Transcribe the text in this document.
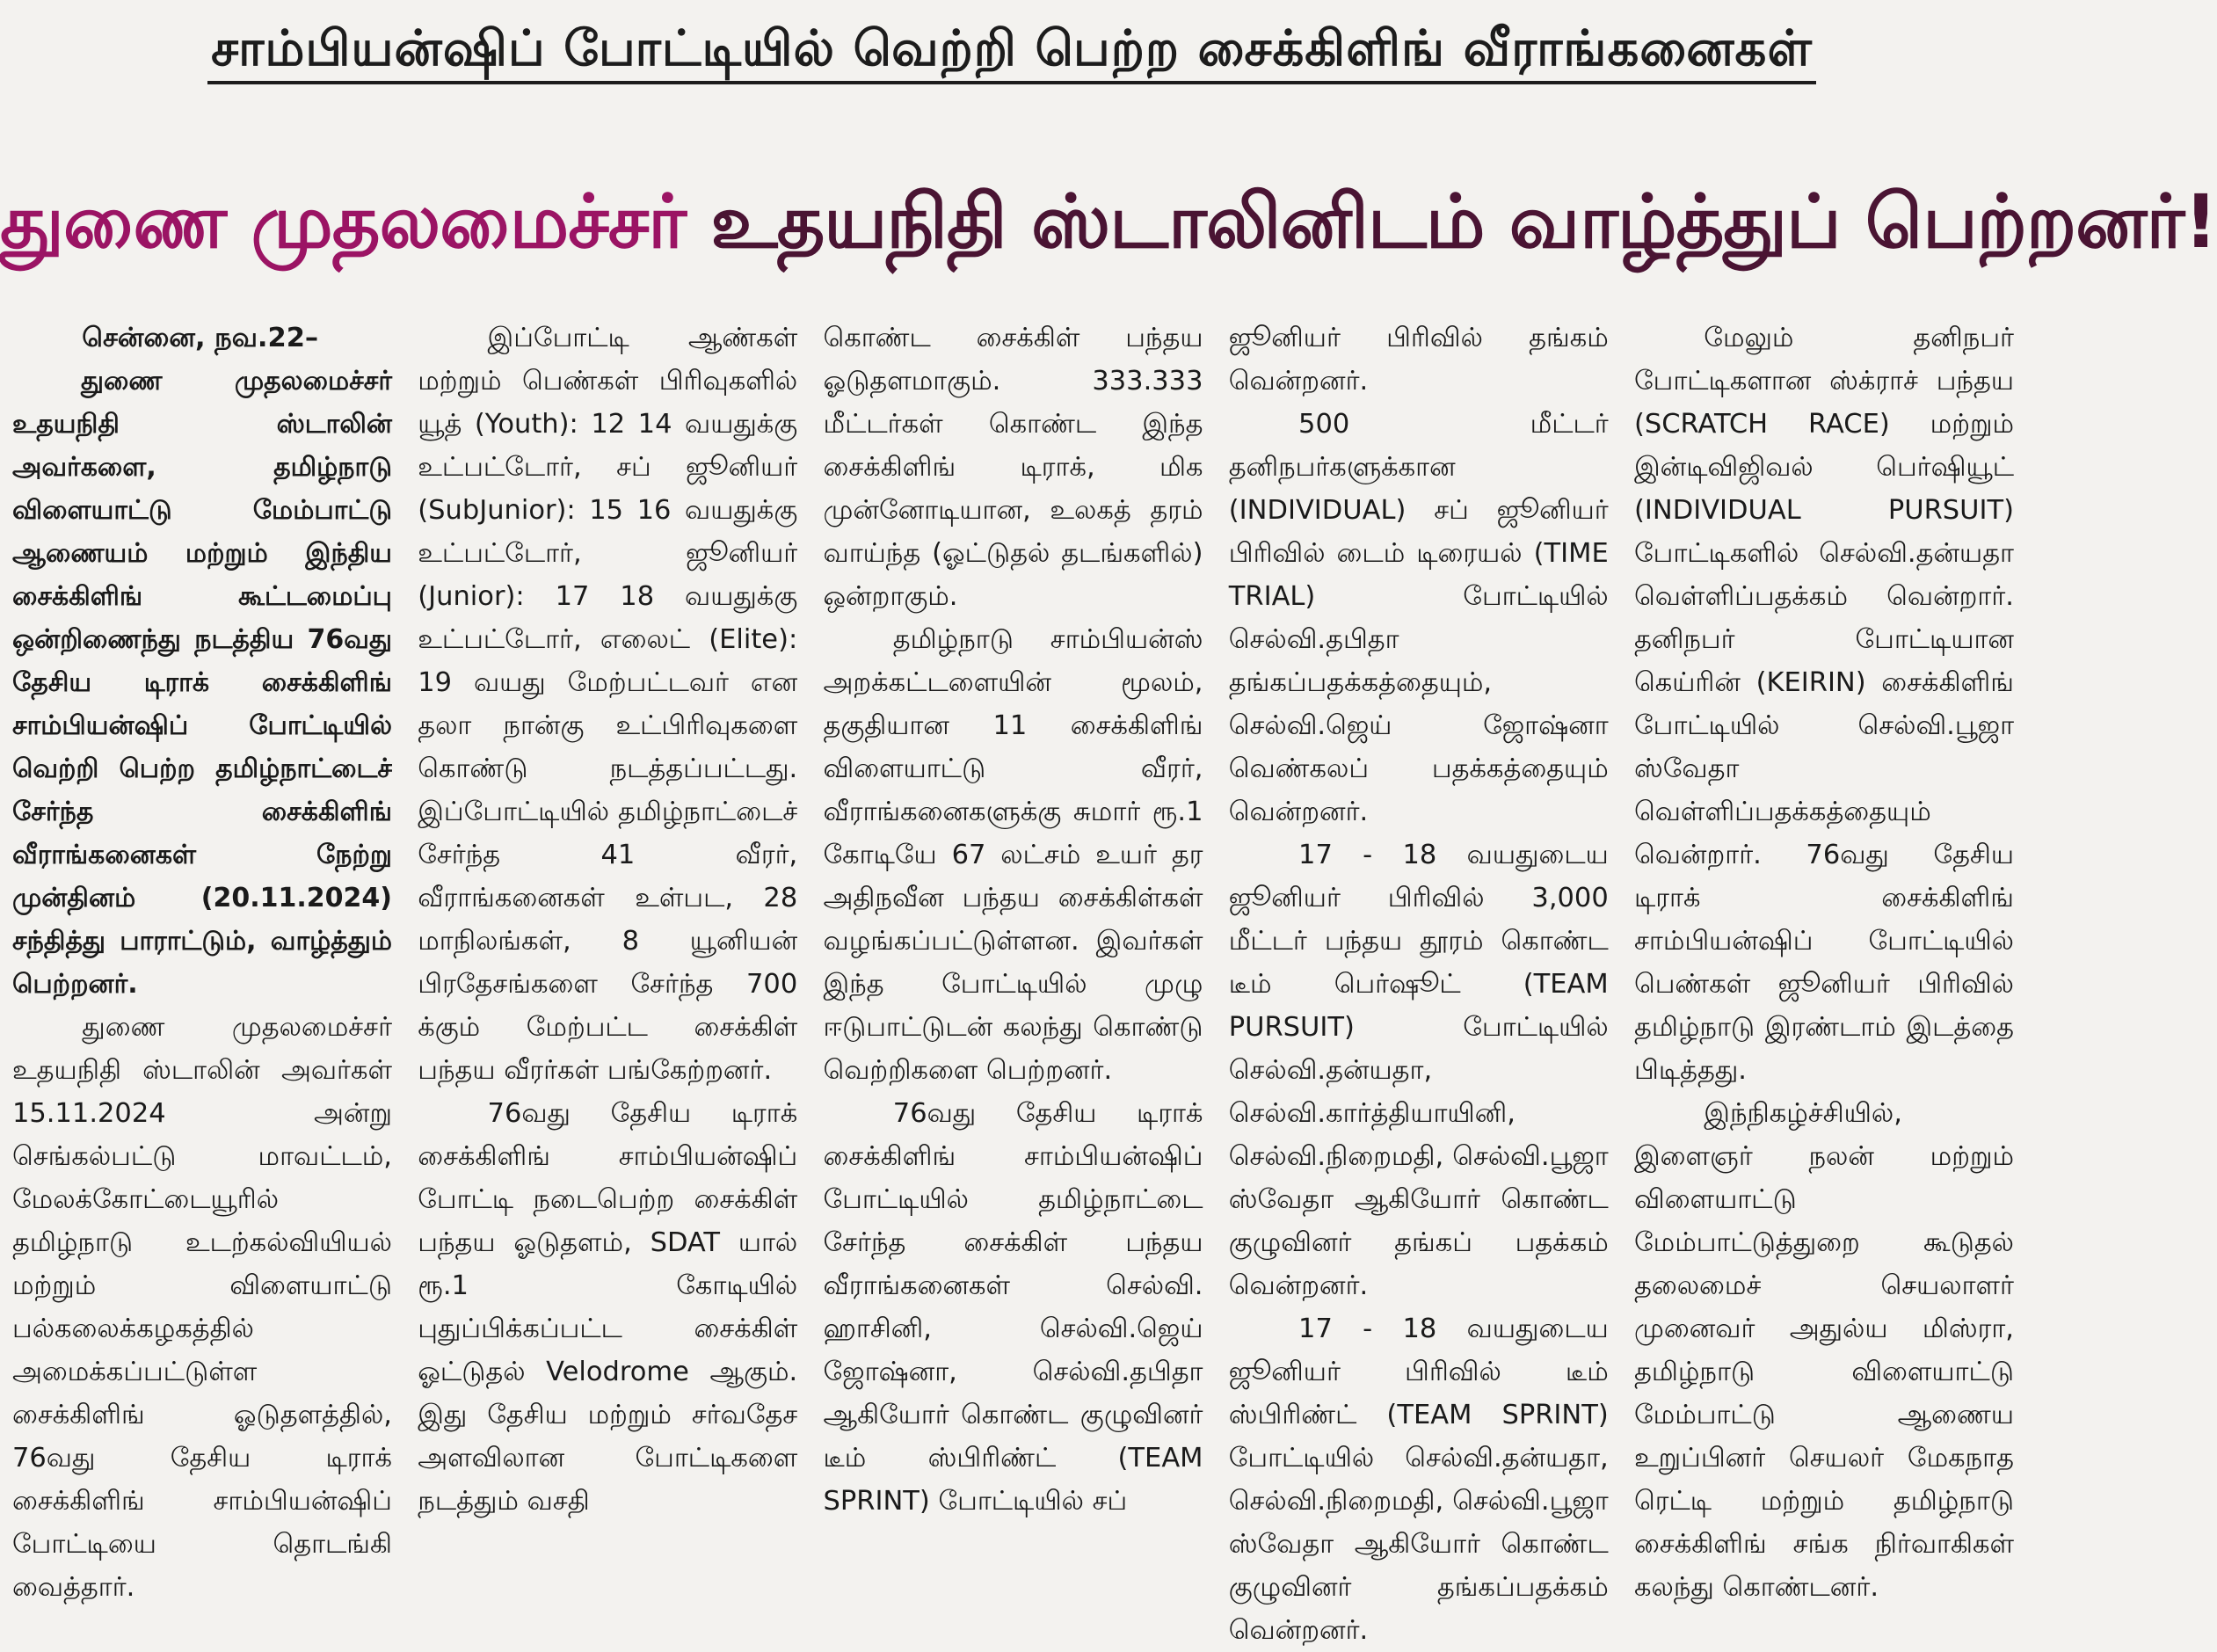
சாம்பியன்ஷிப் போட்டியில் வெற்றி பெற்ற சைக்கிளிங் வீராங்கனைகள்
துணை முதலமைச்சர் உதயநிதி ஸ்டாலினிடம் வாழ்த்துப் பெற்றனர்!

சென்னை, நவ.22–

துணை முதலமைச்சர் உதயநிதி ஸ்டாலின் அவர்களை, தமிழ்நாடு விளையாட்டு மேம்பாட்டு ஆணையம் மற்றும் இந்திய சைக்கிளிங் கூட்டமைப்பு ஒன்றிணைந்து நடத்திய 76வது தேசிய டிராக் சைக்கிளிங் சாம்பியன்ஷிப் போட்டியில் வெற்றி பெற்ற தமிழ்நாட்டைச் சேர்ந்த சைக்கிளிங் வீராங்கனைகள் நேற்று முன்தினம் (20.11.2024) சந்தித்து பாராட்டும், வாழ்த்தும் பெற்றனர்.

துணை முதலமைச்சர் உதயநிதி ஸ்டாலின் அவர்கள் 15.11.2024 அன்று செங்கல்பட்டு மாவட்டம், மேலக்கோட்டையூரில் தமிழ்நாடு உடற்கல்வியியல் மற்றும் விளையாட்டு பல்கலைக்கழகத்தில் அமைக்கப்பட்டுள்ள சைக்கிளிங் ஓடுதளத்தில், 76வது தேசிய டிராக் சைக்கிளிங் சாம்பியன்ஷிப் போட்டியை தொடங்கி வைத்தார்.

இப்போட்டி ஆண்கள் மற்றும் பெண்கள் பிரிவுகளில் யூத் (Youth): 12 14 வயதுக்கு உட்பட்டோர், சப் ஜூனியர் (SubJunior): 15 16 வயதுக்கு உட்பட்டோர், ஜூனியர் (Junior): 17 18 வயதுக்கு உட்பட்டோர், எலைட் (Elite): 19 வயது மேற்பட்டவர் என தலா நான்கு உட்பிரிவுகளை கொண்டு நடத்தப்பட்டது. இப்போட்டியில் தமிழ்நாட்டைச் சேர்ந்த 41 வீரர், வீராங்கனைகள் உள்பட, 28 மாநிலங்கள், 8 யூனியன் பிரதேசங்களை சேர்ந்த 700 க்கும் மேற்பட்ட சைக்கிள் பந்தய வீரர்கள் பங்கேற்றனர்.

76வது தேசிய டிராக் சைக்கிளிங் சாம்பியன்ஷிப் போட்டி நடைபெற்ற சைக்கிள் பந்தய ஓடுதளம், SDAT யால் ரூ.1 கோடியில் புதுப்பிக்கப்பட்ட சைக்கிள் ஓட்டுதல் Velodrome ஆகும். இது தேசிய மற்றும் சர்வதேச அளவிலான போட்டிகளை நடத்தும் வசதி

கொண்ட சைக்கிள் பந்தய ஓடுதளமாகும். 333.333 மீட்டர்கள் கொண்ட இந்த சைக்கிளிங் டிராக், மிக முன்னோடியான, உலகத் தரம் வாய்ந்த (ஓட்டுதல் தடங்களில்) ஒன்றாகும்.

தமிழ்நாடு சாம்பியன்ஸ் அறக்கட்டளையின் மூலம், தகுதியான 11 சைக்கிளிங் விளையாட்டு வீரர், வீராங்கனைகளுக்கு சுமார் ரூ.1 கோடியே 67 லட்சம் உயர் தர அதிநவீன பந்தய சைக்கிள்கள் வழங்கப்பட்டுள்ளன. இவர்கள் இந்த போட்டியில் முழு ஈடுபாட்டுடன் கலந்து கொண்டு வெற்றிகளை பெற்றனர்.

76வது தேசிய டிராக் சைக்கிளிங் சாம்பியன்ஷிப் போட்டியில் தமிழ்நாட்டை சேர்ந்த சைக்கிள் பந்தய வீராங்கனைகள் செல்வி. ஹாசினி, செல்வி.ஜெய் ஜோஷ்னா, செல்வி.தபிதா ஆகியோர் கொண்ட குழுவினர் டீம் ஸ்பிரிண்ட் (TEAM SPRINT) போட்டியில் சப்

ஜூனியர் பிரிவில் தங்கம் வென்றனர்.

500 மீட்டர் தனிநபர்களுக்கான (INDIVIDUAL) சப் ஜூனியர் பிரிவில் டைம் டிரையல் (TIME TRIAL) போட்டியில் செல்வி.தபிதா தங்கப்பதக்கத்தையும், செல்வி.ஜெய் ஜோஷ்னா வெண்கலப் பதக்கத்தையும் வென்றனர்.

17 - 18 வயதுடைய ஜூனியர் பிரிவில் 3,000 மீட்டர் பந்தய தூரம் கொண்ட டீம் பெர்ஷூட் (TEAM PURSUIT) போட்டியில் செல்வி.தன்யதா, செல்வி.கார்த்தியாயினி, செல்வி.நிறைமதி, செல்வி.பூஜா ஸ்வேதா ஆகியோர் கொண்ட குழுவினர் தங்கப் பதக்கம் வென்றனர்.

17 - 18 வயதுடைய ஜூனியர் பிரிவில் டீம் ஸ்பிரிண்ட் (TEAM SPRINT) போட்டியில் செல்வி.தன்யதா, செல்வி.நிறைமதி, செல்வி.பூஜா ஸ்வேதா ஆகியோர் கொண்ட குழுவினர் தங்கப்பதக்கம் வென்றனர்.

மேலும் தனிநபர் போட்டிகளான ஸ்க்ராச் பந்தய (SCRATCH RACE) மற்றும் இன்டிவிஜிவல் பெர்ஷியூட் (INDIVIDUAL PURSUIT) போட்டிகளில் செல்வி.தன்யதா வெள்ளிப்பதக்கம் வென்றார். தனிநபர் போட்டியான கெய்ரின் (KEIRIN) சைக்கிளிங் போட்டியில் செல்வி.பூஜா ஸ்வேதா வெள்ளிப்பதக்கத்தையும் வென்றார். 76வது தேசிய டிராக் சைக்கிளிங் சாம்பியன்ஷிப் போட்டியில் பெண்கள் ஜூனியர் பிரிவில் தமிழ்நாடு இரண்டாம் இடத்தை பிடித்தது.

இந்நிகழ்ச்சியில், இளைஞர் நலன் மற்றும் விளையாட்டு மேம்பாட்டுத்துறை கூடுதல் தலைமைச் செயலாளர் முனைவர் அதுல்ய மிஸ்ரா, தமிழ்நாடு விளையாட்டு மேம்பாட்டு ஆணைய உறுப்பினர் செயலர் மேகநாத ரெட்டி மற்றும் தமிழ்நாடு சைக்கிளிங் சங்க நிர்வாகிகள் கலந்து கொண்டனர்.
